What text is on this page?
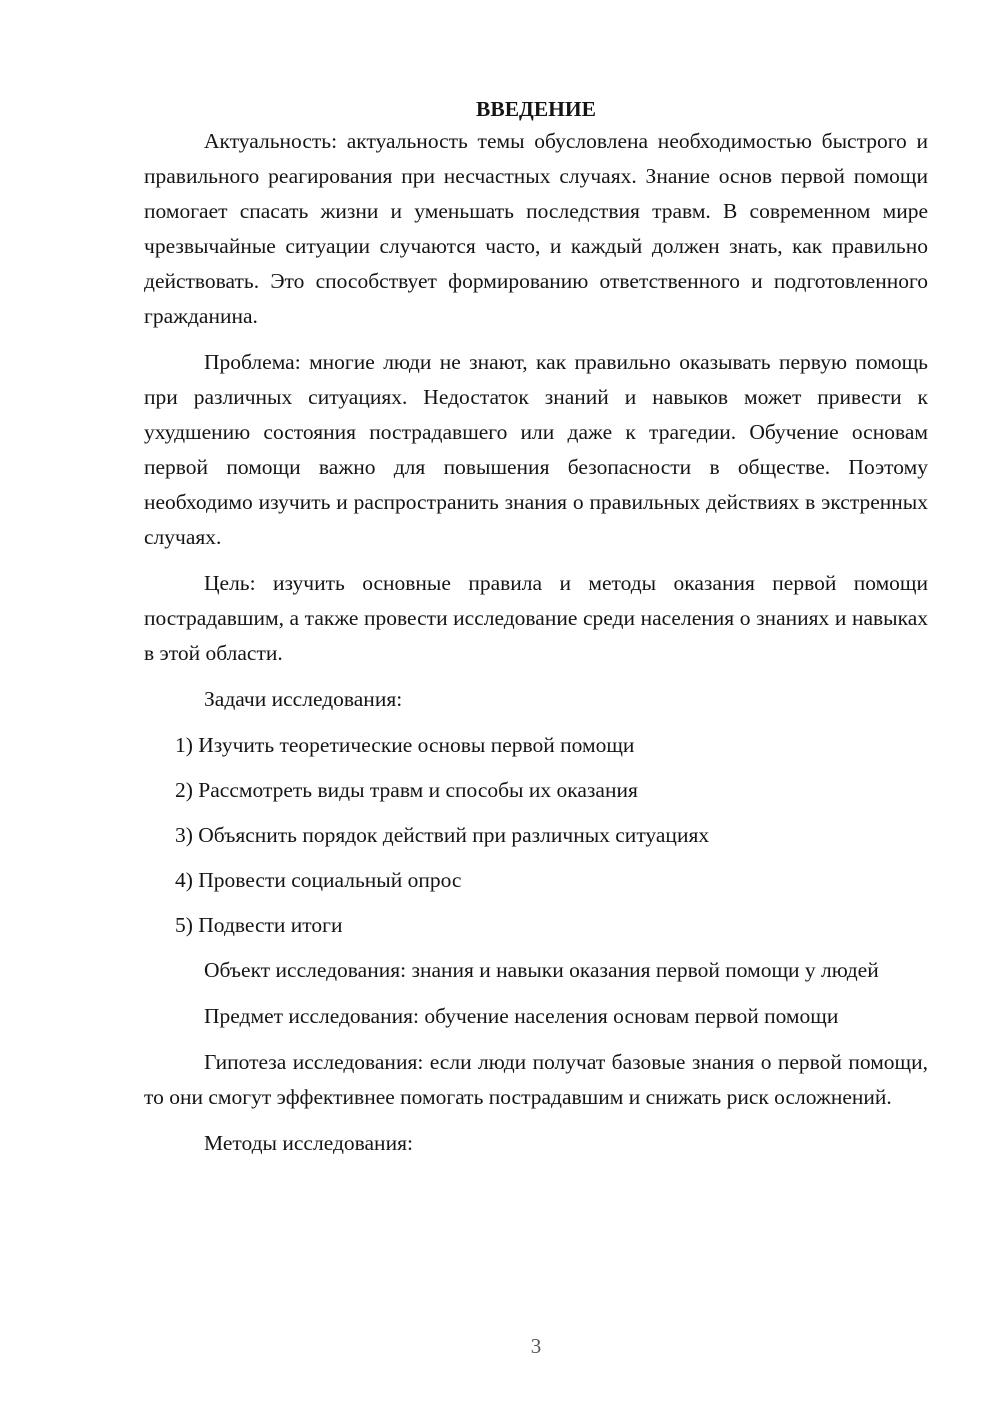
ВВЕДЕНИЕ

Актуальность: актуальность темы обусловлена необходимостью быстрого и правильного реагирования при несчастных случаях. Знание основ первой помощи помогает спасать жизни и уменьшать последствия травм. В современном мире чрезвычайные ситуации случаются часто, и каждый должен знать, как правильно действовать. Это способствует формированию ответственного и подготовленного гражданина.

Проблема: многие люди не знают, как правильно оказывать первую помощь при различных ситуациях. Недостаток знаний и навыков может привести к ухудшению состояния пострадавшего или даже к трагедии. Обучение основам первой помощи важно для повышения безопасности в обществе. Поэтому необходимо изучить и распространить знания о правильных действиях в экстренных случаях.

Цель: изучить основные правила и методы оказания первой помощи пострадавшим, а также провести исследование среди населения о знаниях и навыках в этой области.

Задачи исследования:

1) Изучить теоретические основы первой помощи
2) Рассмотреть виды травм и способы их оказания
3) Объяснить порядок действий при различных ситуациях
4) Провести социальный опрос
5) Подвести итоги

Объект исследования: знания и навыки оказания первой помощи у людей

Предмет исследования: обучение населения основам первой помощи

Гипотеза исследования: если люди получат базовые знания о первой помощи, то они смогут эффективнее помогать пострадавшим и снижать риск осложнений.

Методы исследования:

3
